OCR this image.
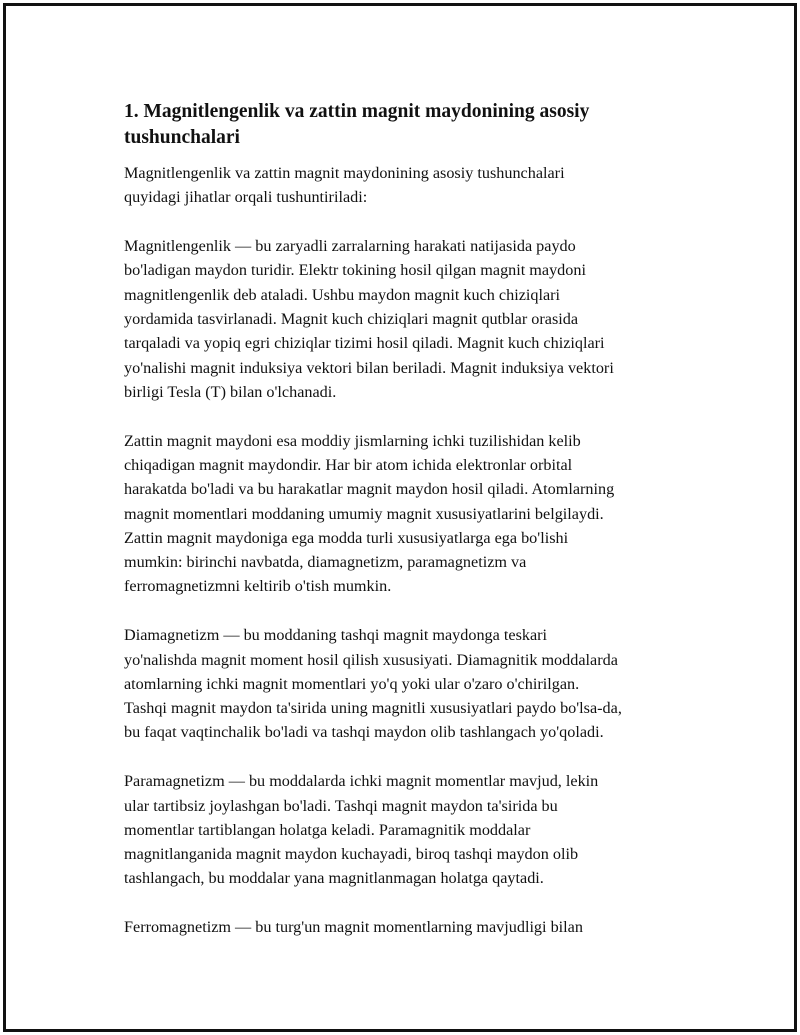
1. Magnitlengenlik va zattin magnit maydonining asosiy
tushunchalari

Magnitlengenlik va zattin magnit maydonining asosiy tushunchalari
quyidagi jihatlar orqali tushuntiriladi:

Magnitlengenlik — bu zaryadli zarralarning harakati natijasida paydo
bo'ladigan maydon turidir. Elektr tokining hosil qilgan magnit maydoni
magnitlengenlik deb ataladi. Ushbu maydon magnit kuch chiziqlari
yordamida tasvirlanadi. Magnit kuch chiziqlari magnit qutblar orasida
tarqaladi va yopiq egri chiziqlar tizimi hosil qiladi. Magnit kuch chiziqlari
yo'nalishi magnit induksiya vektori bilan beriladi. Magnit induksiya vektori
birligi Tesla (T) bilan o'lchanadi.

Zattin magnit maydoni esa moddiy jismlarning ichki tuzilishidan kelib
chiqadigan magnit maydondir. Har bir atom ichida elektronlar orbital
harakatda bo'ladi va bu harakatlar magnit maydon hosil qiladi. Atomlarning
magnit momentlari moddaning umumiy magnit xususiyatlarini belgilaydi.
Zattin magnit maydoniga ega modda turli xususiyatlarga ega bo'lishi
mumkin: birinchi navbatda, diamagnetizm, paramagnetizm va
ferromagnetizmni keltirib o'tish mumkin.

Diamagnetizm — bu moddaning tashqi magnit maydonga teskari
yo'nalishda magnit moment hosil qilish xususiyati. Diamagnitik moddalarda
atomlarning ichki magnit momentlari yo'q yoki ular o'zaro o'chirilgan.
Tashqi magnit maydon ta'sirida uning magnitli xususiyatlari paydo bo'lsa-da,
bu faqat vaqtinchalik bo'ladi va tashqi maydon olib tashlangach yo'qoladi.

Paramagnetizm — bu moddalarda ichki magnit momentlar mavjud, lekin
ular tartibsiz joylashgan bo'ladi. Tashqi magnit maydon ta'sirida bu
momentlar tartiblangan holatga keladi. Paramagnitik moddalar
magnitlanganida magnit maydon kuchayadi, biroq tashqi maydon olib
tashlangach, bu moddalar yana magnitlanmagan holatga qaytadi.

Ferromagnetizm — bu turg'un magnit momentlarning mavjudligi bilan
